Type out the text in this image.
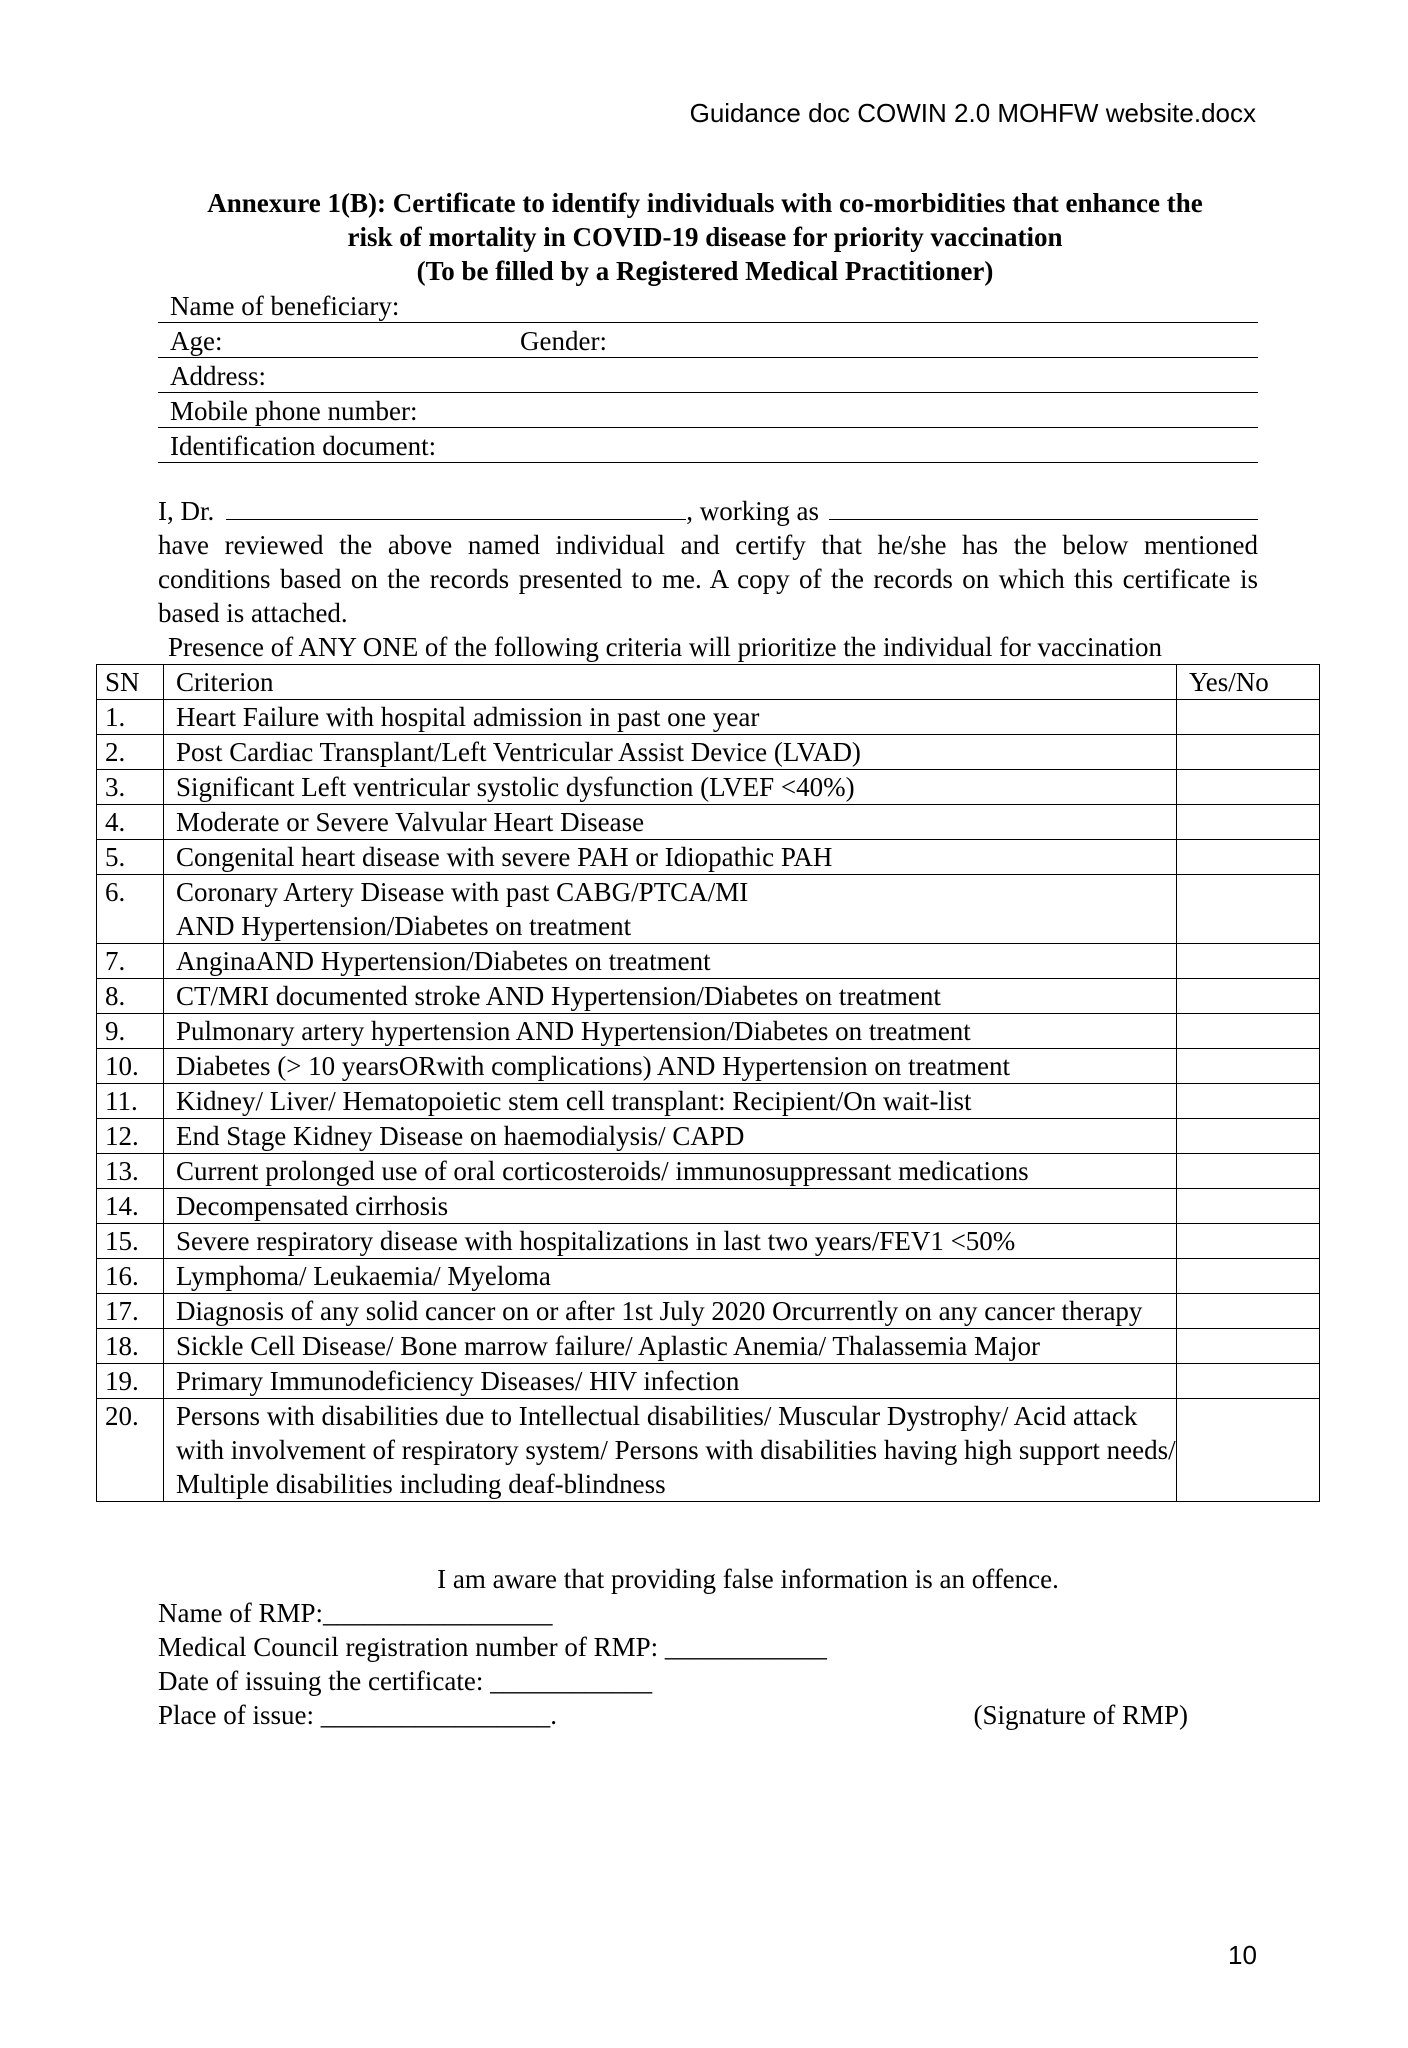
Guidance doc COWIN 2.0 MOHFW website.docx
Annexure 1(B): Certificate to identify individuals with co-morbidities that enhance the
risk of mortality in COVID-19 disease for priority vaccination
(To be filled by a Registered Medical Practitioner)
Name of beneficiary:
Age:	Gender:
Address:
Mobile phone number:
Identification document:
I, Dr.	, working as
have reviewed the above named individual and certify that he/she has the below mentioned conditions based on the records presented to me. A copy of the records on which this certificate is based is attached.
Presence of ANY ONE of the following criteria will prioritize the individual for vaccination
SN	Criterion	Yes/No
1.	Heart Failure with hospital admission in past one year	
2.	Post Cardiac Transplant/Left Ventricular Assist Device (LVAD)	
3.	Significant Left ventricular systolic dysfunction (LVEF <40%)	
4.	Moderate or Severe Valvular Heart Disease	
5.	Congenital heart disease with severe PAH or Idiopathic PAH	
6.	Coronary Artery Disease with past CABG/PTCA/MI
AND Hypertension/Diabetes on treatment	

7.	AnginaAND Hypertension/Diabetes on treatment	
8.	CT/MRI documented stroke AND Hypertension/Diabetes on treatment	
9.	Pulmonary artery hypertension AND Hypertension/Diabetes on treatment	
10.	Diabetes (> 10 yearsORwith complications) AND Hypertension on treatment	
11.	Kidney/ Liver/ Hematopoietic stem cell transplant: Recipient/On wait-list	
12.	End Stage Kidney Disease on haemodialysis/ CAPD	
13.	Current prolonged use of oral corticosteroids/ immunosuppressant medications	
14.	Decompensated cirrhosis	
15.	Severe respiratory disease with hospitalizations in last two years/FEV1 <50%	
16.	Lymphoma/ Leukaemia/ Myeloma	
17.	Diagnosis of any solid cancer on or after 1st July 2020 Orcurrently on any cancer therapy	
18.	Sickle Cell Disease/ Bone marrow failure/ Aplastic Anemia/ Thalassemia Major	
19.	Primary Immunodeficiency Diseases/ HIV infection	
20.	Persons with disabilities due to Intellectual disabilities/ Muscular Dystrophy/ Acid attack with involvement of respiratory system/ Persons with disabilities having high support needs/ Multiple disabilities including deaf-blindness	
I am aware that providing false information is an offence.
Name of RMP:_________________
Medical Council registration number of RMP: ____________
Date of issuing the certificate: ____________
Place of issue: _________________.	(Signature of RMP)
10
